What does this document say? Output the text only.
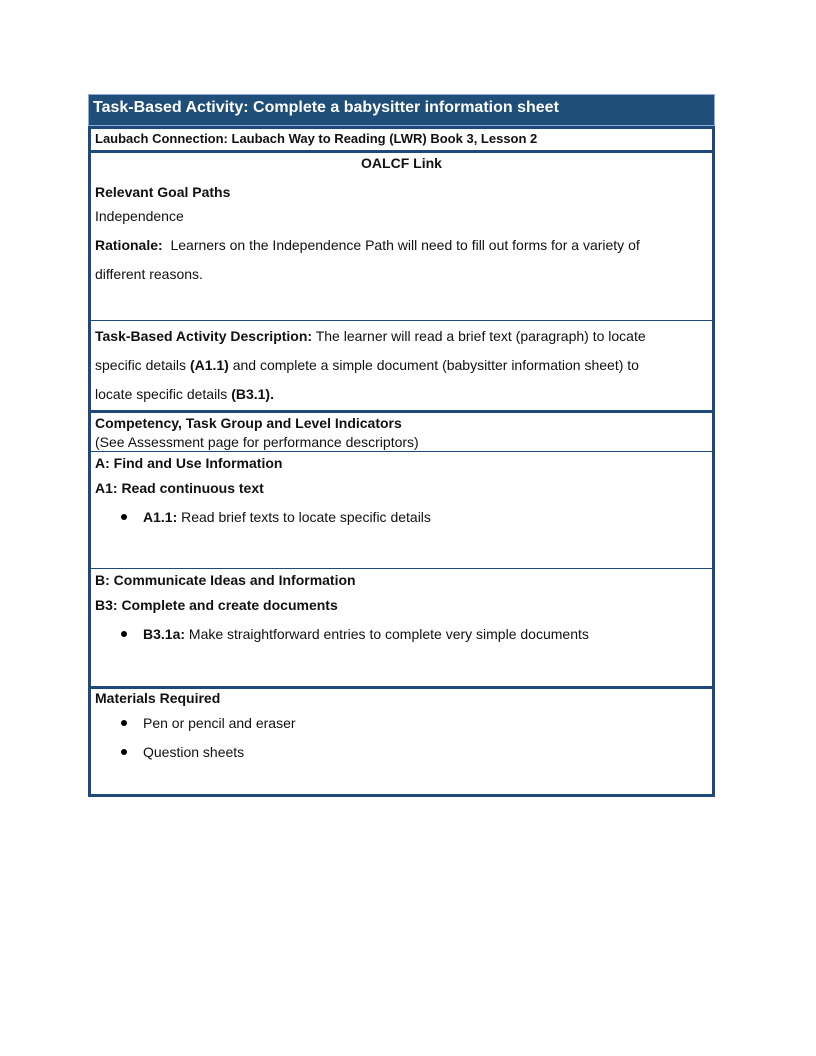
Task-Based Activity: Complete a babysitter information sheet
Laubach Connection: Laubach Way to Reading (LWR) Book 3, Lesson 2
OALCF Link
Relevant Goal Paths
Independence
Rationale: Learners on the Independence Path will need to fill out forms for a variety of
different reasons.
Task-Based Activity Description: The learner will read a brief text (paragraph) to locate
specific details (A1.1) and complete a simple document (babysitter information sheet) to
locate specific details (B3.1).
Competency, Task Group and Level Indicators
(See Assessment page for performance descriptors)
A: Find and Use Information
A1: Read continuous text
A1.1: Read brief texts to locate specific details
B: Communicate Ideas and Information
B3: Complete and create documents
B3.1a: Make straightforward entries to complete very simple documents
Materials Required
Pen or pencil and eraser
Question sheets
